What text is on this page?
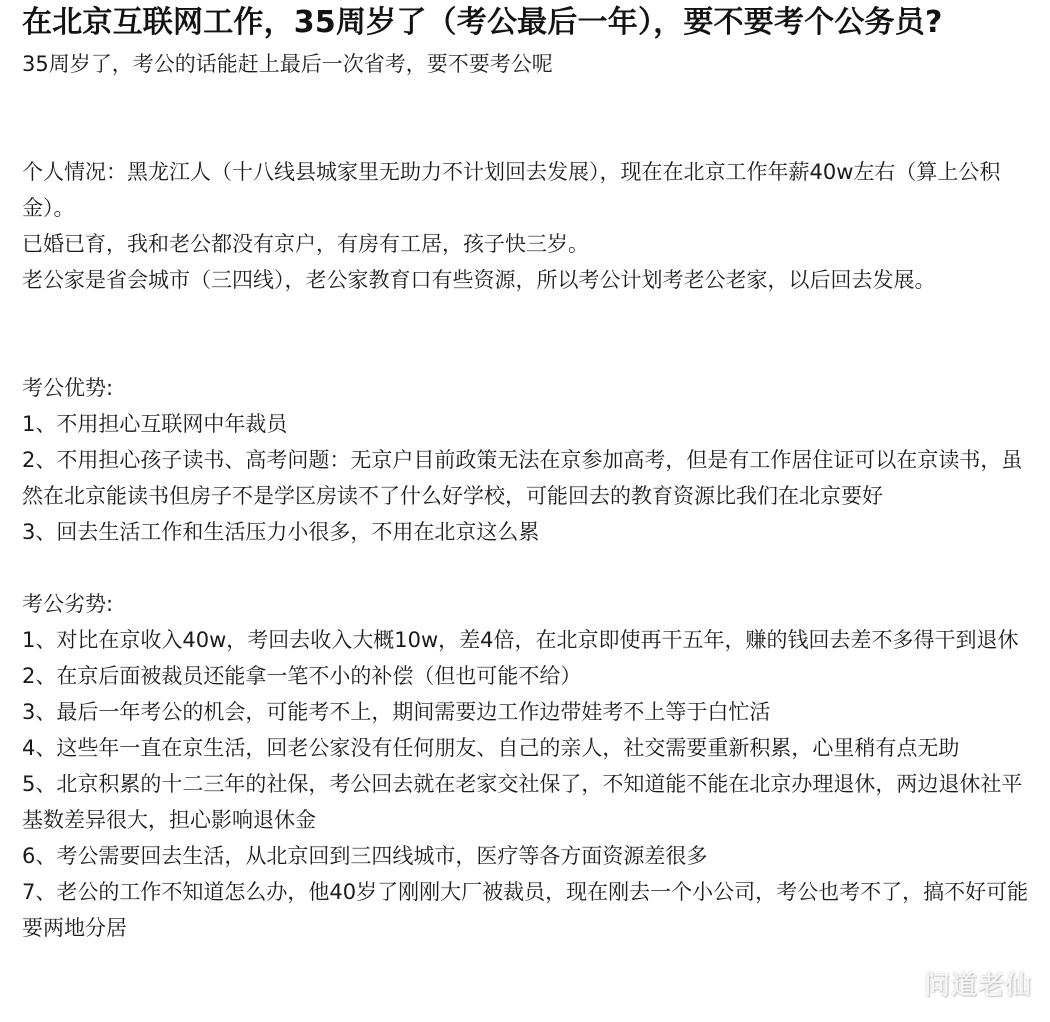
在北京互联网工作，35周岁了（考公最后一年），要不要考个公务员?

35周岁了，考公的话能赶上最后一次省考，要不要考公呢

个人情况：黑龙江人（十八线县城家里无助力不计划回去发展），现在在北京工作年薪40w左右（算上公积金）。

已婚已育，我和老公都没有京户，有房有工居，孩子快三岁。

老公家是省会城市（三四线），老公家教育口有些资源，所以考公计划考老公老家，以后回去发展。

考公优势:

1、不用担心互联网中年裁员

2、不用担心孩子读书、高考问题：无京户目前政策无法在京参加高考，但是有工作居住证可以在京读书，虽然在北京能读书但房子不是学区房读不了什么好学校，可能回去的教育资源比我们在北京要好

3、回去生活工作和生活压力小很多，不用在北京这么累

考公劣势:

1、对比在京收入40w，考回去收入大概10w，差4倍，在北京即使再干五年，赚的钱回去差不多得干到退休

2、在京后面被裁员还能拿一笔不小的补偿（但也可能不给）

3、最后一年考公的机会，可能考不上，期间需要边工作边带娃考不上等于白忙活

4、这些年一直在京生活，回老公家没有任何朋友、自己的亲人，社交需要重新积累，心里稍有点无助

5、北京积累的十二三年的社保，考公回去就在老家交社保了，不知道能不能在北京办理退休，两边退休社平基数差异很大，担心影响退休金

6、考公需要回去生活，从北京回到三四线城市，医疗等各方面资源差很多

7、老公的工作不知道怎么办，他40岁了刚刚大厂被裁员，现在刚去一个小公司，考公也考不了，搞不好可能要两地分居

问道老仙
